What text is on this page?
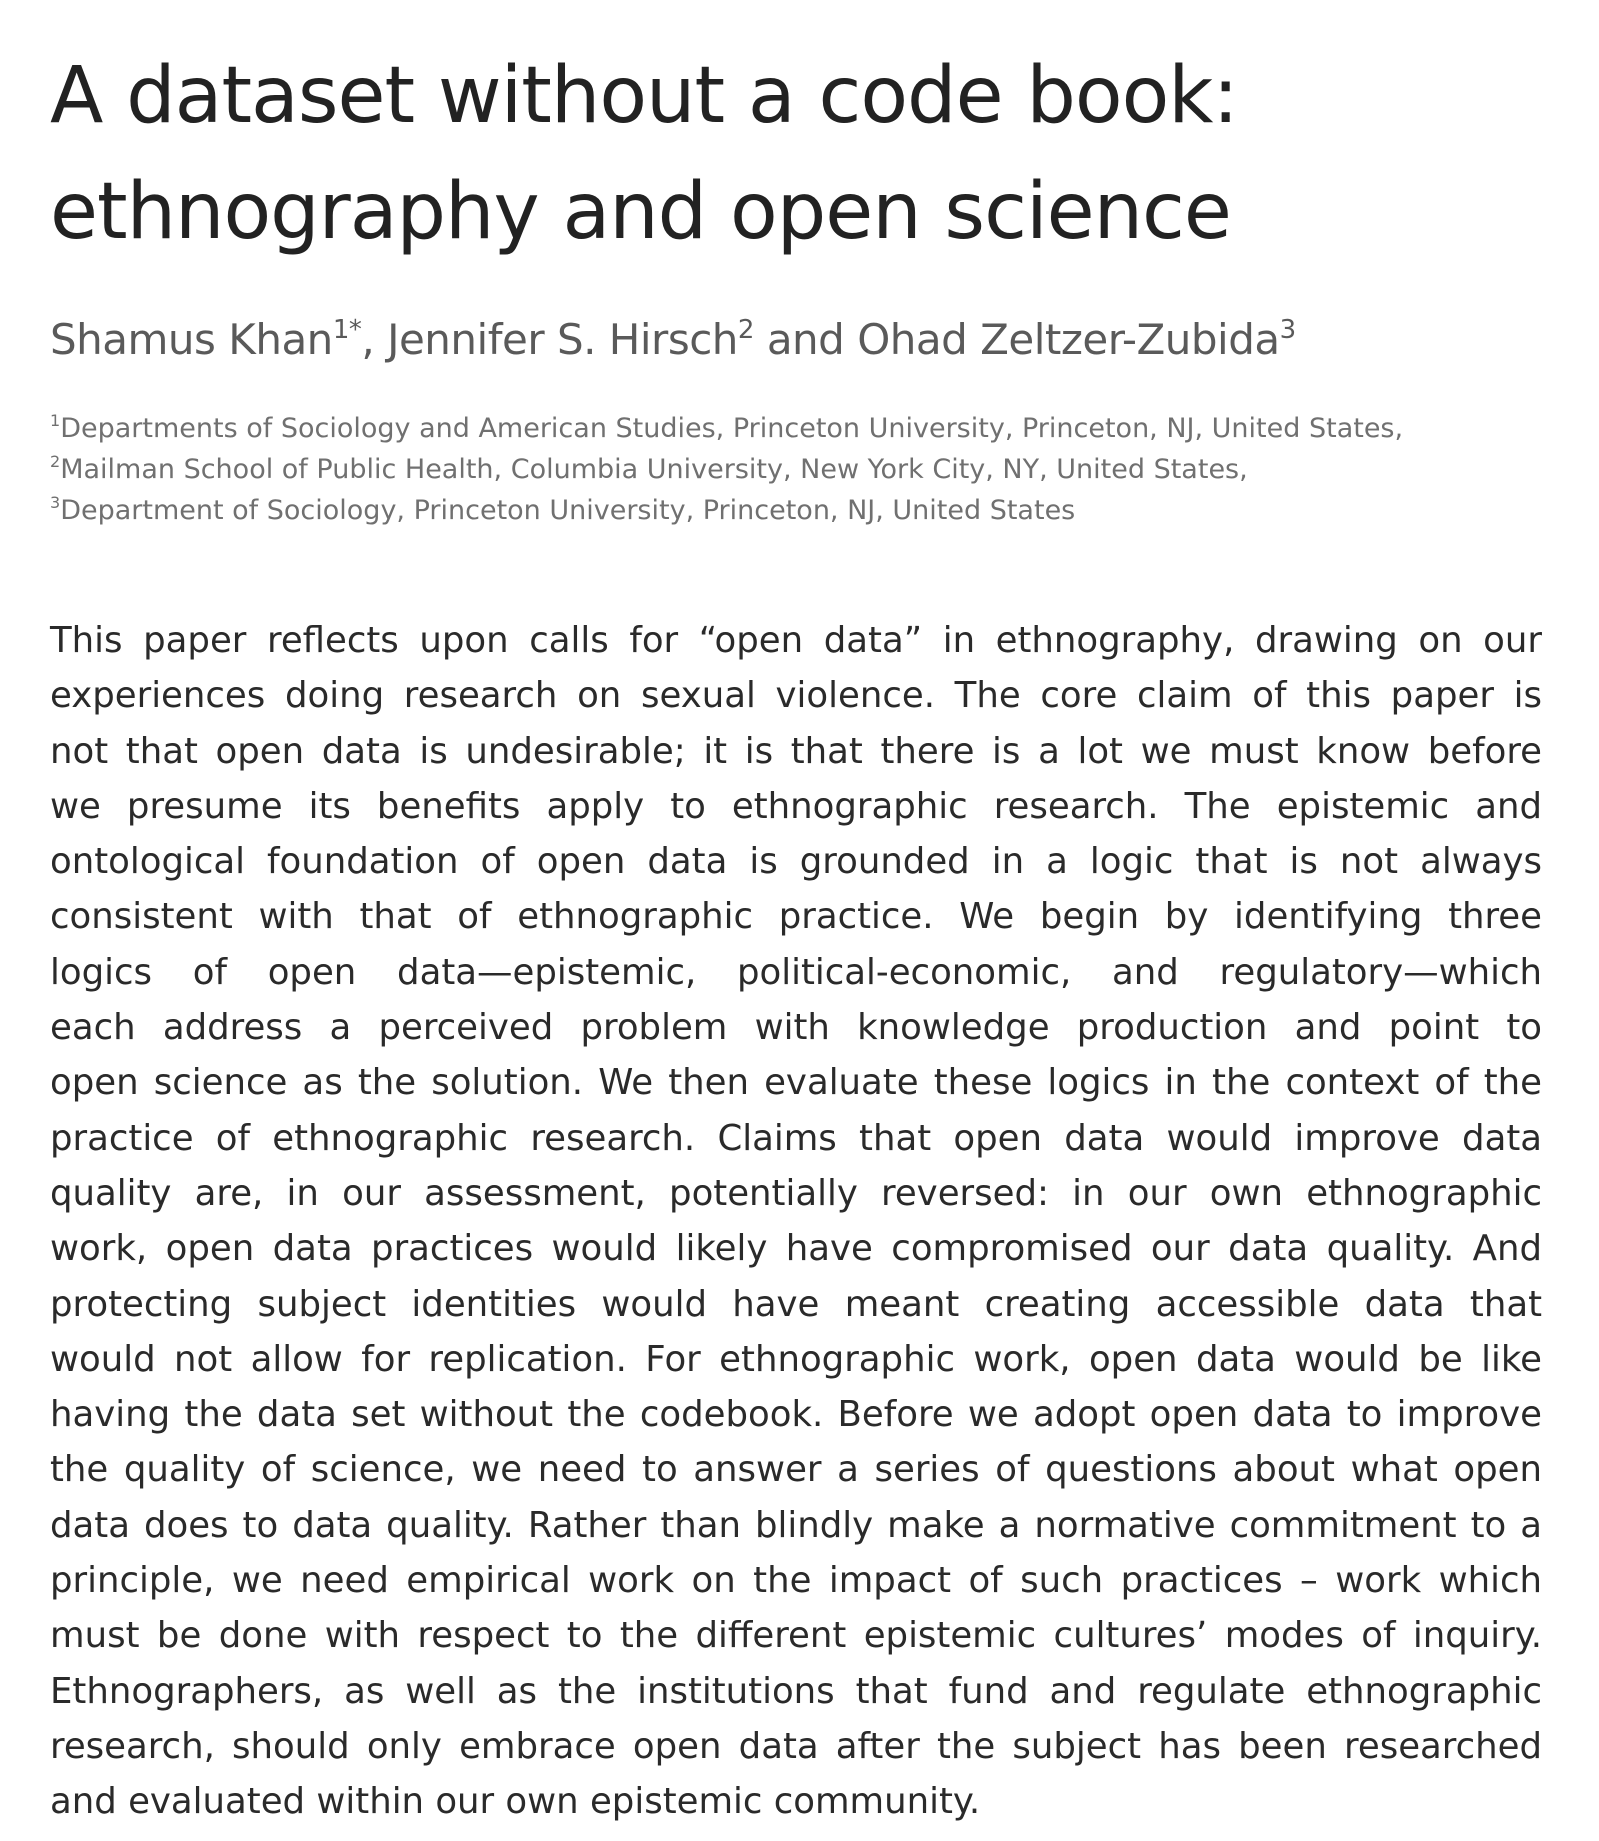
A dataset without a code book:
ethnography and open science
Shamus Khan$^{1*}$, Jennifer S. Hirsch$^2$ and Ohad Zeltzer-Zubida$^3$
$^1$Departments of Sociology and American Studies, Princeton University, Princeton, NJ, United States,
$^2$Mailman School of Public Health, Columbia University, New York City, NY, United States,
$^3$Department of Sociology, Princeton University, Princeton, NJ, United States
This paper reflects upon calls for “open data” in ethnography, drawing on our
experiences doing research on sexual violence. The core claim of this paper is
not that open data is undesirable; it is that there is a lot we must know before
we presume its benefits apply to ethnographic research. The epistemic and
ontological foundation of open data is grounded in a logic that is not always
consistent with that of ethnographic practice. We begin by identifying three
logics of open data—epistemic, political-economic, and regulatory—which
each address a perceived problem with knowledge production and point to
open science as the solution. We then evaluate these logics in the context of the
practice of ethnographic research. Claims that open data would improve data
quality are, in our assessment, potentially reversed: in our own ethnographic
work, open data practices would likely have compromised our data quality. And
protecting subject identities would have meant creating accessible data that
would not allow for replication. For ethnographic work, open data would be like
having the data set without the codebook. Before we adopt open data to improve
the quality of science, we need to answer a series of questions about what open
data does to data quality. Rather than blindly make a normative commitment to a
principle, we need empirical work on the impact of such practices – work which
must be done with respect to the different epistemic cultures’ modes of inquiry.
Ethnographers, as well as the institutions that fund and regulate ethnographic
research, should only embrace open data after the subject has been researched
and evaluated within our own epistemic community.
